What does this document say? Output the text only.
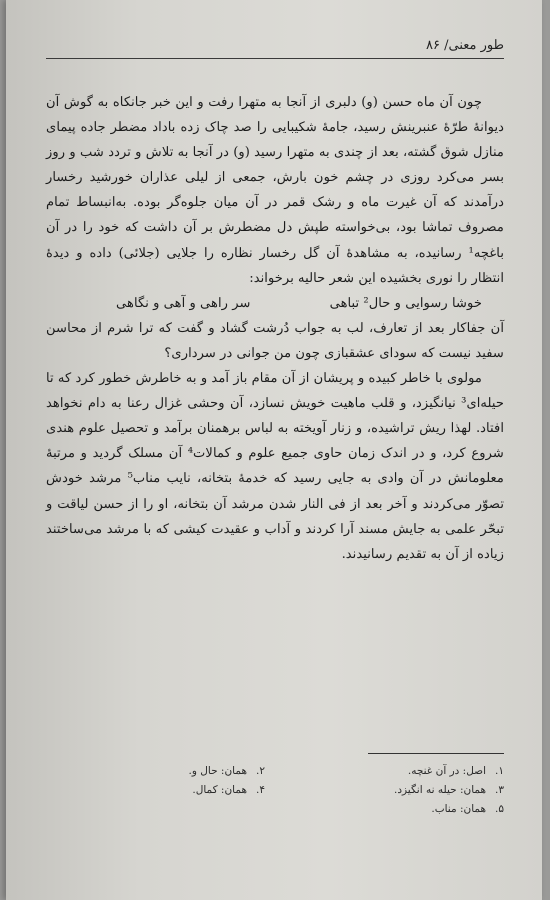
طور معنی/ ۸۶

چون آن ماه حسن (و) دلبری از آنجا به متهرا رفت و این خبر جانکاه به گوش آن دیوانهٔ طرّهٔ عنبرینش رسید، جامهٔ شکیبایی را صد چاک زده باداد مضطر جاده پیمای منازل شوق گشته، بعد از چندی به متهرا رسید (و) در آنجا به تلاش و تردد شب و روز بسر می‌کرد روزی در چشم خون بارش، جمعی از لیلی عذاران خورشید رخسار درآمدند که آن غیرت ماه و رشک قمر در آن میان جلوه‌گر بوده. به‌انبساط تمام مصروف تماشا بود، بی‌خواسته طپش دل مضطرش بر آن داشت که خود را در آن باغچه¹ رسانیده، به مشاهدهٔ آن گل رخسار نظاره را جلایی (جلائی) داده و دیدهٔ انتظار را نوری بخشیده این شعر حالیه برخواند:

خوشا رسوایی و حال² تباهی
سر راهی و آهی و نگاهی

آن جفاکار بعد از تعارف، لب به جواب دُرشت گشاد و گفت که ترا شرم از محاسن سفید نیست که سودای عشقبازی چون من جوانی در سرداری؟

مولوی با خاطر کبیده و پریشان از آن مقام باز آمد و به خاطرش خطور کرد که تا حیله‌ای³ نیانگیزد، و قلب ماهیت خویش نسازد، آن وحشی غزال رعنا به دام نخواهد افتاد. لهذا ریش تراشیده، و زنار آویخته به لباس برهمنان برآمد و تحصیل علوم هندی شروع کرد، و در اندک زمان حاوی جمیع علوم و کمالات⁴ آن مسلک گردید و مرتبهٔ معلومانش در آن وادی به جایی رسید که خدمهٔ بتخانه، نایب مناب⁵ مرشد خودش تصوّر می‌کردند و آخر بعد از فی النار شدن مرشد آن بتخانه، او را از حسن لیاقت و تبحّر علمی به جایش مسند آرا کردند و آداب و عقیدت کیشی که با مرشد می‌ساختند زیاده از آن به تقدیم رسانیدند.

۱.اصل: در آن غنچه.
۲.همان: حال و.
۳.همان: حیله نه انگیزد.
۴.همان: کمال.
۵.همان: مناب.
